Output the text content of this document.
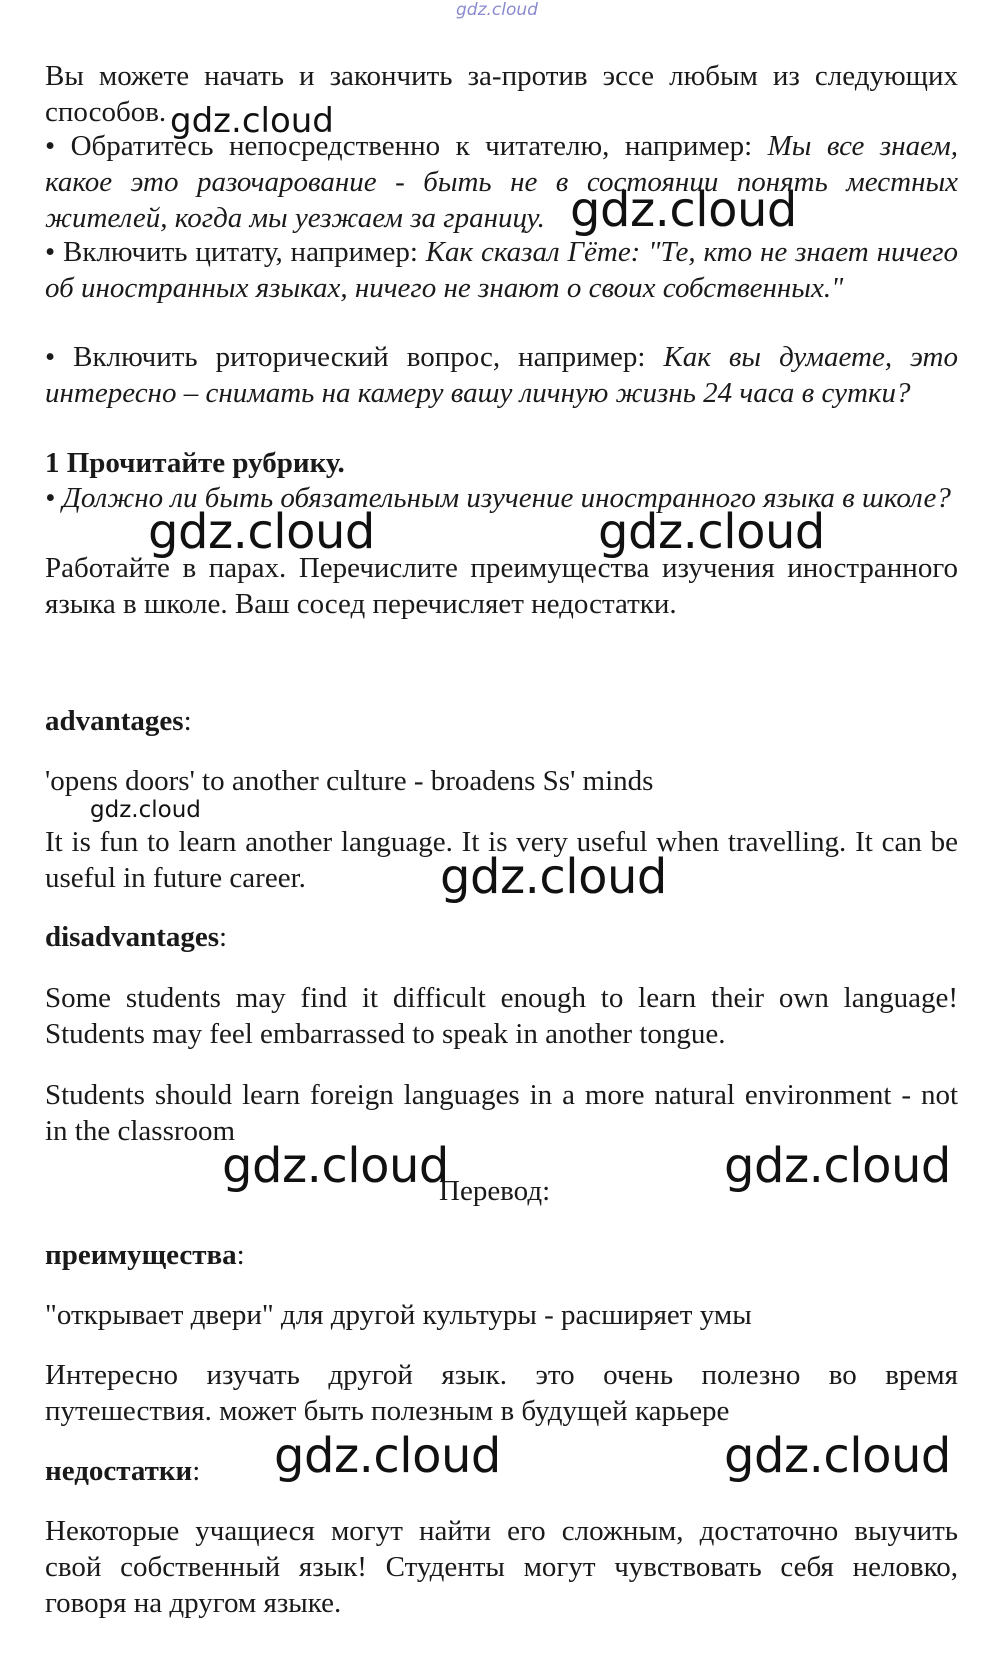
gdz.cloud
gdz.cloud
gdz.cloud
gdz.cloud	gdz.cloud
gdz.cloud
gdz.cloud
gdz.cloud	gdz.cloud
gdz.cloud	gdz.cloud

Вы можете начать и закончить за-против эссе любым из следующих способов.

• Обратитесь непосредственно к читателю, например: Мы все знаем, какое это разочарование - быть не в состоянии понять местных жителей, когда мы уезжаем за границу.

• Включить цитату, например: Как сказал Гёте: "Те, кто не знает ничего об иностранных языках, ничего не знают о своих собственных."

• Включить риторический вопрос, например: Как вы думаете, это интересно – снимать на камеру вашу личную жизнь 24 часа в сутки?

1 Прочитайте рубрику.

• Должно ли быть обязательным изучение иностранного языка в школе?

Работайте в парах. Перечислите преимущества изучения иностранного языка в школе. Ваш сосед перечисляет недостатки.

advantages:

'opens doors' to another culture - broadens Ss' minds

It is fun to learn another language. It is very useful when travelling. It can be useful in future career.

disadvantages:

Some students may find it difficult enough to learn their own language! Students may feel embarrassed to speak in another tongue.

Students should learn foreign languages in a more natural environment - not in the classroom

Перевод:

преимущества:

"открывает двери" для другой культуры - расширяет умы

Интересно изучать другой язык. это очень полезно во время путешествия. может быть полезным в будущей карьере

недостатки:

Некоторые учащиеся могут найти его сложным, достаточно выучить свой собственный язык! Студенты могут чувствовать себя неловко, говоря на другом языке.
